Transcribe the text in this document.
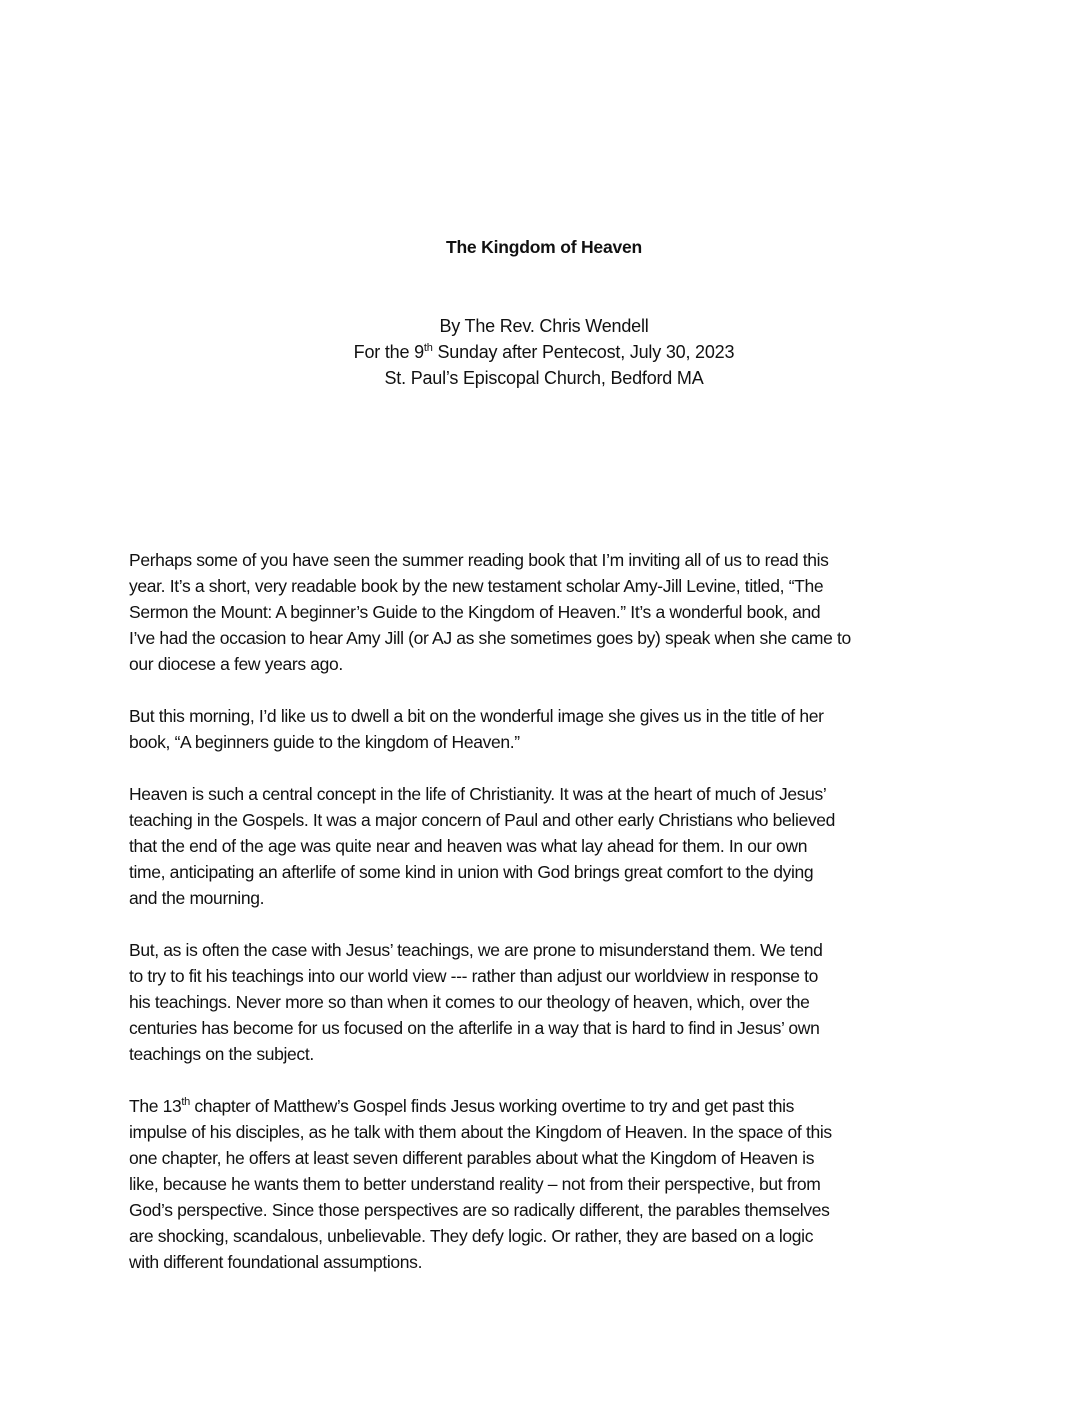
The Kingdom of Heaven
By The Rev. Chris Wendell
For the 9th Sunday after Pentecost, July 30, 2023
St. Paul’s Episcopal Church, Bedford MA

Perhaps some of you have seen the summer reading book that I’m inviting all of us to read this
year. It’s a short, very readable book by the new testament scholar Amy-Jill Levine, titled, “The
Sermon the Mount: A beginner’s Guide to the Kingdom of Heaven.” It’s a wonderful book, and
I’ve had the occasion to hear Amy Jill (or AJ as she sometimes goes by) speak when she came to
our diocese a few years ago.

But this morning, I’d like us to dwell a bit on the wonderful image she gives us in the title of her
book, “A beginners guide to the kingdom of Heaven.”

Heaven is such a central concept in the life of Christianity. It was at the heart of much of Jesus’
teaching in the Gospels. It was a major concern of Paul and other early Christians who believed
that the end of the age was quite near and heaven was what lay ahead for them. In our own
time, anticipating an afterlife of some kind in union with God brings great comfort to the dying
and the mourning.

But, as is often the case with Jesus’ teachings, we are prone to misunderstand them. We tend
to try to fit his teachings into our world view --- rather than adjust our worldview in response to
his teachings. Never more so than when it comes to our theology of heaven, which, over the
centuries has become for us focused on the afterlife in a way that is hard to find in Jesus’ own
teachings on the subject.

The 13th chapter of Matthew’s Gospel finds Jesus working overtime to try and get past this
impulse of his disciples, as he talk with them about the Kingdom of Heaven. In the space of this
one chapter, he offers at least seven different parables about what the Kingdom of Heaven is
like, because he wants them to better understand reality – not from their perspective, but from
God’s perspective. Since those perspectives are so radically different, the parables themselves
are shocking, scandalous, unbelievable. They defy logic. Or rather, they are based on a logic
with different foundational assumptions.
